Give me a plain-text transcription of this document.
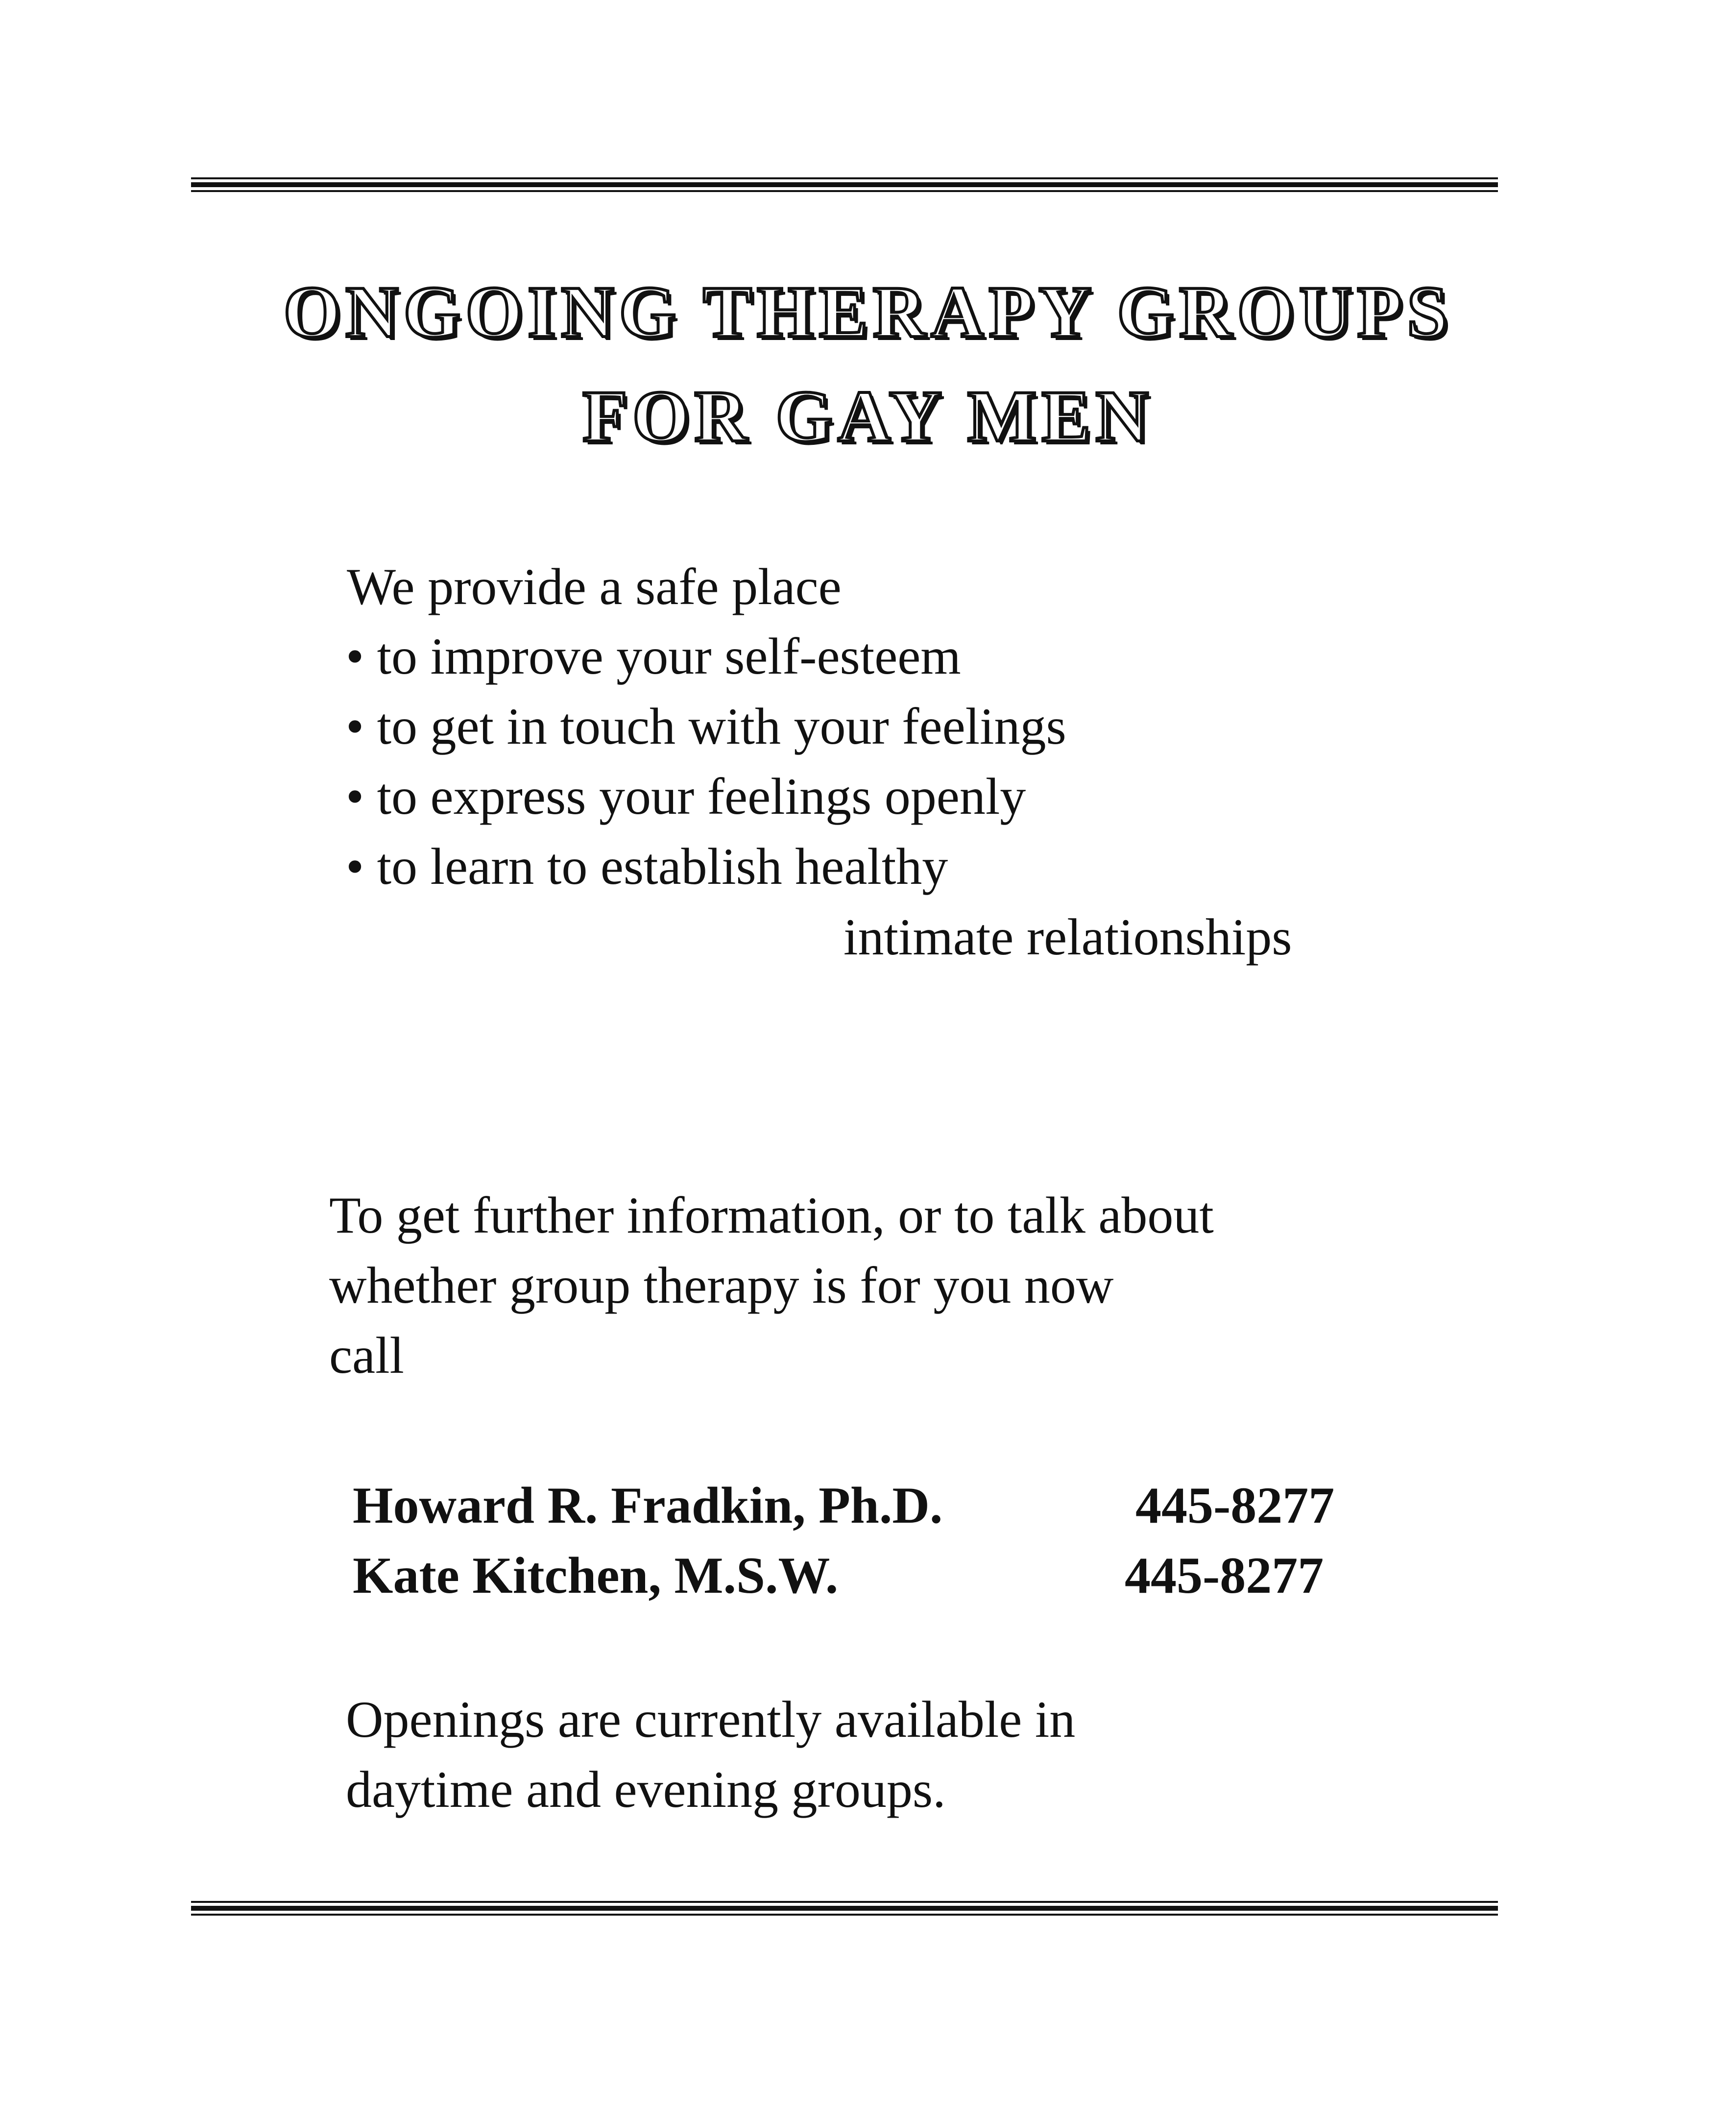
ONGOING THERAPY GROUPS
FOR GAY MEN
We provide a safe place
• to improve your self-esteem
• to get in touch with your feelings
• to express your feelings openly
• to learn to establish healthy
intimate relationships
To get further information, or to talk about
whether group therapy is for you now
call
Howard R. Fradkin, Ph.D.	445-8277
Kate Kitchen, M.S.W.	445-8277
Openings are currently available in
daytime and evening groups.
